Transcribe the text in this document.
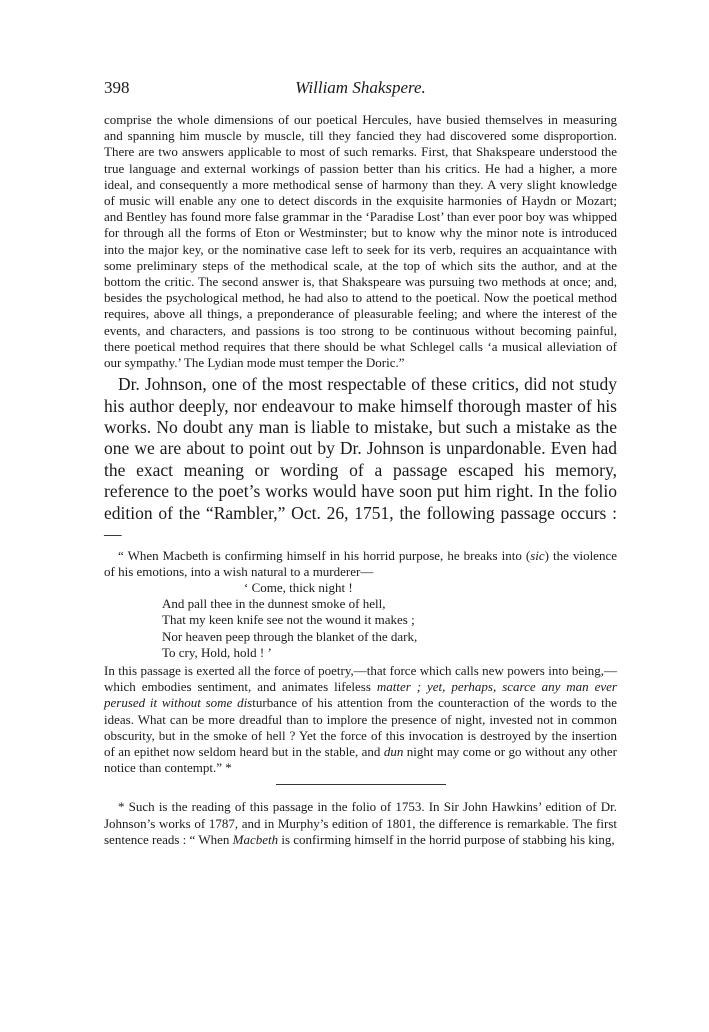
398	William Shakspere.

comprise the whole dimensions of our poetical Hercules, have busied themselves in measuring and spanning him muscle by muscle, till they fancied they had discovered some disproportion. There are two answers applicable to most of such remarks. First, that Shakspeare understood the true language and external workings of passion better than his critics. He had a higher, a more ideal, and consequently a more methodical sense of harmony than they. A very slight knowledge of music will enable any one to detect discords in the exquisite harmonies of Haydn or Mozart; and Bentley has found more false grammar in the ‘Paradise Lost’ than ever poor boy was whipped for through all the forms of Eton or Westminster; but to know why the minor note is introduced into the major key, or the nominative case left to seek for its verb, requires an acquaintance with some preliminary steps of the methodical scale, at the top of which sits the author, and at the bottom the critic. The second answer is, that Shakspeare was pursuing two methods at once; and, besides the psychological method, he had also to attend to the poetical. Now the poetical method requires, above all things, a preponderance of pleasurable feeling; and where the interest of the events, and characters, and passions is too strong to be continuous without becoming painful, there poetical method requires that there should be what Schlegel calls ‘a musical alleviation of our sympathy.’ The Lydian mode must temper the Doric.”

Dr. Johnson, one of the most respectable of these critics, did not study his author deeply, nor endeavour to make himself thorough master of his works. No doubt any man is liable to mistake, but such a mistake as the one we are about to point out by Dr. Johnson is unpardonable. Even had the exact meaning or wording of a passage escaped his memory, reference to the poet’s works would have soon put him right. In the folio edition of the “Rambler,” Oct. 26, 1751, the following passage occurs :—

“ When Macbeth is confirming himself in his horrid purpose, he breaks into (sic) the violence of his emotions, into a wish natural to a murderer—

‘ Come, thick night !
And pall thee in the dunnest smoke of hell,
That my keen knife see not the wound it makes ;
Nor heaven peep through the blanket of the dark,
To cry, Hold, hold ! ’

In this passage is exerted all the force of poetry,—that force which calls new powers into being,—which embodies sentiment, and animates lifeless matter ; yet, perhaps, scarce any man ever perused it without some disturbance of his attention from the counteraction of the words to the ideas. What can be more dreadful than to implore the presence of night, invested not in common obscurity, but in the smoke of hell ? Yet the force of this invocation is destroyed by the insertion of an epithet now seldom heard but in the stable, and dun night may come or go without any other notice than contempt.” *

* Such is the reading of this passage in the folio of 1753. In Sir John Hawkins’ edition of Dr. Johnson’s works of 1787, and in Murphy’s edition of 1801, the difference is remarkable. The first sentence reads : “ When Macbeth is confirming himself in the horrid purpose of stabbing his king,
